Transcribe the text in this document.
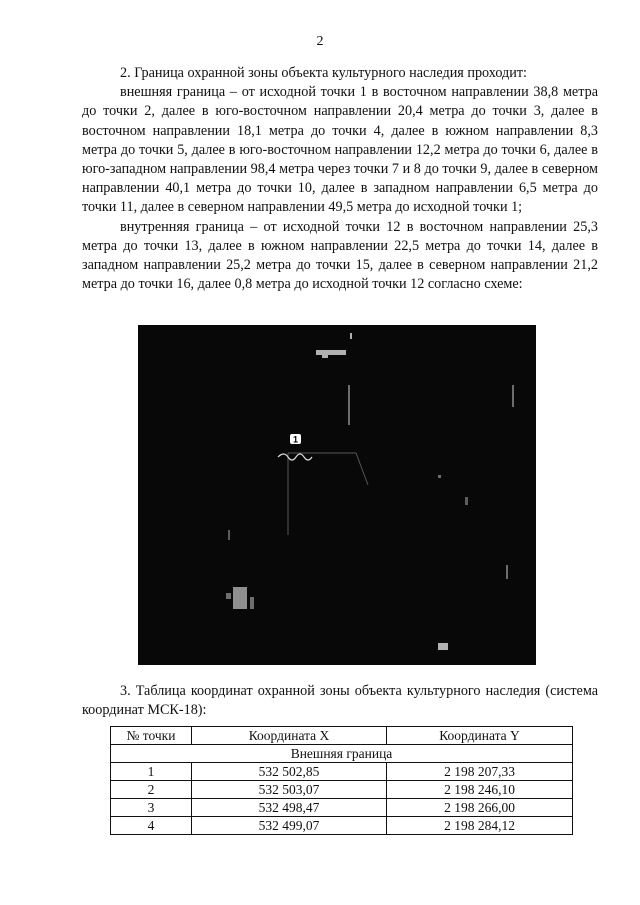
2

2. Граница охранной зоны объекта культурного наследия проходит:

внешняя граница – от исходной точки 1 в восточном направлении 38,8 метра до точки 2, далее в юго-восточном направлении 20,4 метра до точки 3, далее в восточном направлении 18,1 метра до точки 4, далее в южном направлении 8,3 метра до точки 5, далее в юго-восточном направлении 12,2 метра до точки 6, далее в юго-западном направлении 98,4 метра через точки 7 и 8 до точки 9, далее в северном направлении 40,1 метра до точки 10, далее в западном направлении 6,5 метра до точки 11, далее в северном направлении 49,5 метра до исходной точки 1;

внутренняя граница – от исходной точки 12 в восточном направлении 25,3 метра до точки 13, далее в южном направлении 22,5 метра до точки 14, далее в западном направлении 25,2 метра до точки 15, далее в северном направлении 21,2 метра до точки 16, далее 0,8 метра до исходной точки 12 согласно схеме:

1

3. Таблица координат охранной зоны объекта культурного наследия (система координат МСК-18):

№ точки	Координата X	Координата Y
Внешняя граница		
1	532 502,85	2 198 207,33
2	532 503,07	2 198 246,10
3	532 498,47	2 198 266,00
4	532 499,07	2 198 284,12
